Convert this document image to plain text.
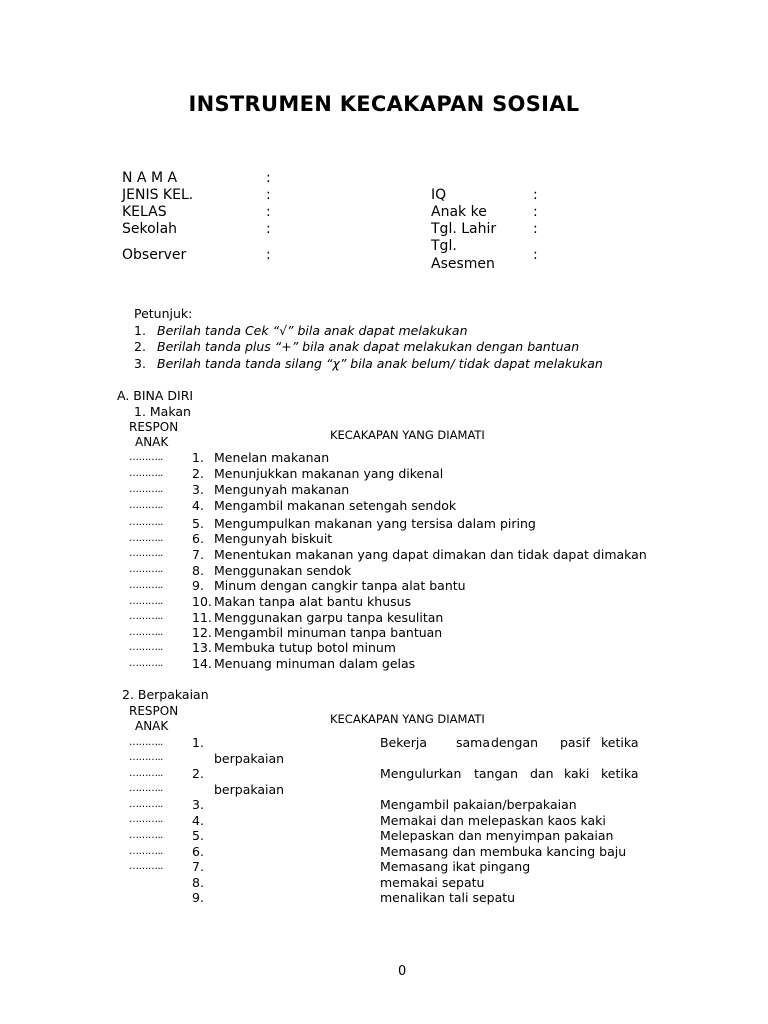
INSTRUMEN KECAKAPAN SOSIAL
N A M A	:
JENIS KEL.	:
KELAS	:
Sekolah	:
Observer	:
IQ	:
Anak ke	:
Tgl. Lahir	:
Tgl.
Asesmen
:
Petunjuk:
1. Berilah tanda Cek “√” bila anak dapat melakukan
2. Berilah tanda plus “+” bila anak dapat melakukan dengan bantuan
3. Berilah tanda tanda silang “χ” bila anak belum/ tidak dapat melakukan
A. BINA DIRI
1. Makan
RESPON
ANAK	KECAKAPAN YANG DIAMATI
……….. 1. Menelan makanan
……….. 2. Menunjukkan makanan yang dikenal
……….. 3. Mengunyah makanan
……….. 4. Mengambil makanan setengah sendok
……….. 5. Mengumpulkan makanan yang tersisa dalam piring
……….. 6. Mengunyah biskuit
……….. 7. Menentukan makanan yang dapat dimakan dan tidak dapat dimakan
……….. 8. Menggunakan sendok
……….. 9. Minum dengan cangkir tanpa alat bantu
……….. 10. Makan tanpa alat bantu khusus
……….. 11. Menggunakan garpu tanpa kesulitan
……….. 12. Mengambil minuman tanpa bantuan
……….. 13. Membuka tutup botol minum
……….. 14. Menuang minuman dalam gelas
2. Berpakaian
RESPON
ANAK	KECAKAPAN YANG DIAMATI
……….. 1.	Bekerja sama dengan pasif ketika
………..	berpakaian
……….. 2.	Mengulurkan tangan dan kaki ketika
………..	berpakaian
……….. 3.	Mengambil pakaian/berpakaian
……….. 4.	Memakai dan melepaskan kaos kaki
……….. 5.	Melepaskan dan menyimpan pakaian
……….. 6.	Memasang dan membuka kancing baju
……….. 7.	Memasang ikat pingang
8.	memakai sepatu
9.	menalikan tali sepatu
0
